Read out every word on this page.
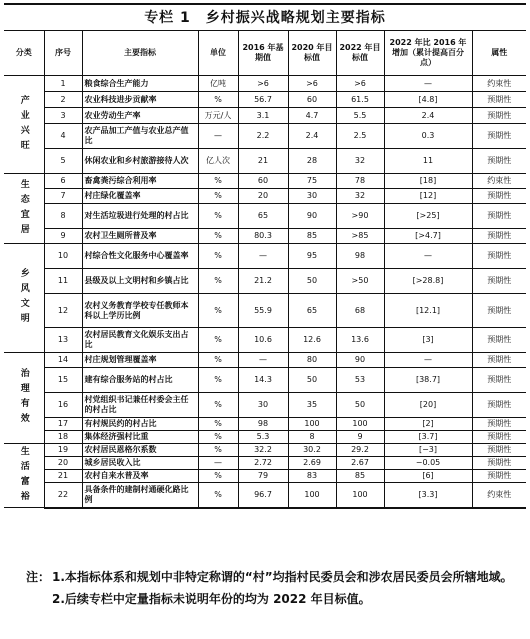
专栏 1　乡村振兴战略规划主要指标
分类	序号	主要指标	单位	2016 年基期值	2020 年目标值	2022 年目标值	2022 年比 2016 年增加（累计提高百分点）	属性
产业兴旺	1	粮食综合生产能力	亿吨	>6	>6	>6	—	约束性
	2	农业科技进步贡献率	%	56.7	60	61.5	[4.8]	预期性
	3	农业劳动生产率	万元/人	3.1	4.7	5.5	2.4	预期性
	4	农产品加工产值与农业总产值比	—	2.2	2.4	2.5	0.3	预期性
	5	休闲农业和乡村旅游接待人次	亿人次	21	28	32	11	预期性
生态宜居	6	畜禽粪污综合利用率	%	60	75	78	[18]	约束性
	7	村庄绿化覆盖率	%	20	30	32	[12]	预期性
	8	对生活垃圾进行处理的村占比	%	65	90	>90	[>25]	预期性
	9	农村卫生厕所普及率	%	80.3	85	>85	[>4.7]	预期性
乡风文明	10	村综合性文化服务中心覆盖率	%	—	95	98	—	预期性
	11	县级及以上文明村和乡镇占比	%	21.2	50	>50	[>28.8]	预期性
	12	农村义务教育学校专任教师本科以上学历比例	%	55.9	65	68	[12.1]	预期性
	13	农村居民教育文化娱乐支出占比	%	10.6	12.6	13.6	[3]	预期性
治理有效	14	村庄规划管理覆盖率	%	—	80	90	—	预期性
	15	建有综合服务站的村占比	%	14.3	50	53	[38.7]	预期性
	16	村党组织书记兼任村委会主任的村占比	%	30	35	50	[20]	预期性
	17	有村规民约的村占比	%	98	100	100	[2]	预期性
	18	集体经济强村比重	%	5.3	8	9	[3.7]	预期性
生活富裕	19	农村居民恩格尔系数	%	32.2	30.2	29.2	[−3]	预期性
	20	城乡居民收入比	—	2.72	2.69	2.67	−0.05	预期性
	21	农村自来水普及率	%	79	83	85	[6]	预期性
	22	具备条件的建制村通硬化路比例	%	96.7	100	100	[3.3]	约束性
注： 1.本指标体系和规划中非特定称谓的“村”均指村民委员会和涉农居民委员会所辖地域。
2.后续专栏中定量指标未说明年份的均为 2022 年目标值。
